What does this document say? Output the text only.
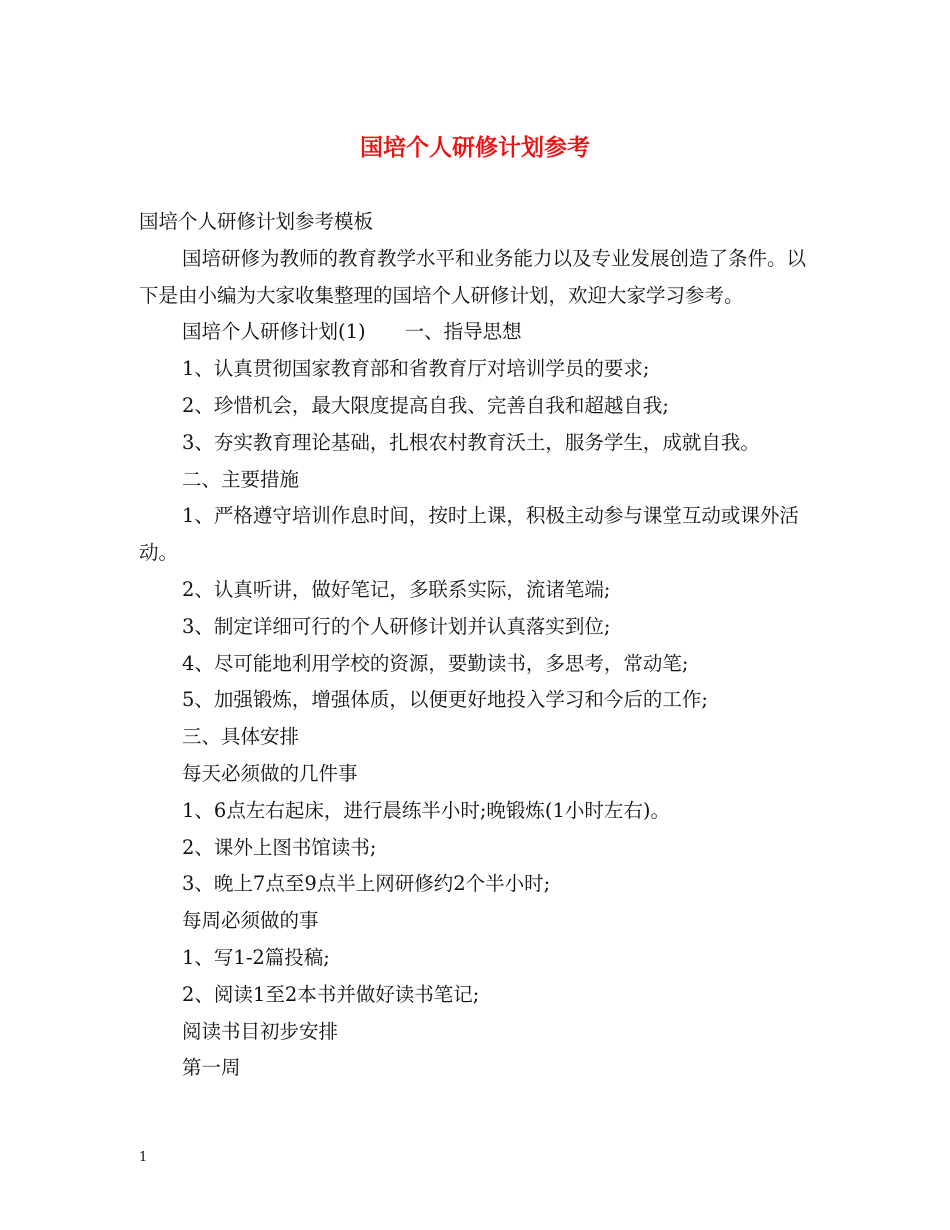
国培个人研修计划参考

国培个人研修计划参考模板

国培研修为教师的教育教学水平和业务能力以及专业发展创造了条件。以下是由小编为大家收集整理的国培个人研修计划，欢迎大家学习参考。

国培个人研修计划(1)　　一、指导思想

1、认真贯彻国家教育部和省教育厅对培训学员的要求;

2、珍惜机会，最大限度提高自我、完善自我和超越自我;

3、夯实教育理论基础，扎根农村教育沃土，服务学生，成就自我。

二、主要措施

1、严格遵守培训作息时间，按时上课，积极主动参与课堂互动或课外活动。

2、认真听讲，做好笔记，多联系实际，流诸笔端;

3、制定详细可行的个人研修计划并认真落实到位;

4、尽可能地利用学校的资源，要勤读书，多思考，常动笔;

5、加强锻炼，增强体质，以便更好地投入学习和今后的工作;

三、具体安排

每天必须做的几件事

1、6点左右起床，进行晨练半小时;晚锻炼(1小时左右)。

2、课外上图书馆读书;

3、晚上7点至9点半上网研修约2个半小时;

每周必须做的事

1、写1-2篇投稿;

2、阅读1至2本书并做好读书笔记;

阅读书目初步安排

第一周

1
